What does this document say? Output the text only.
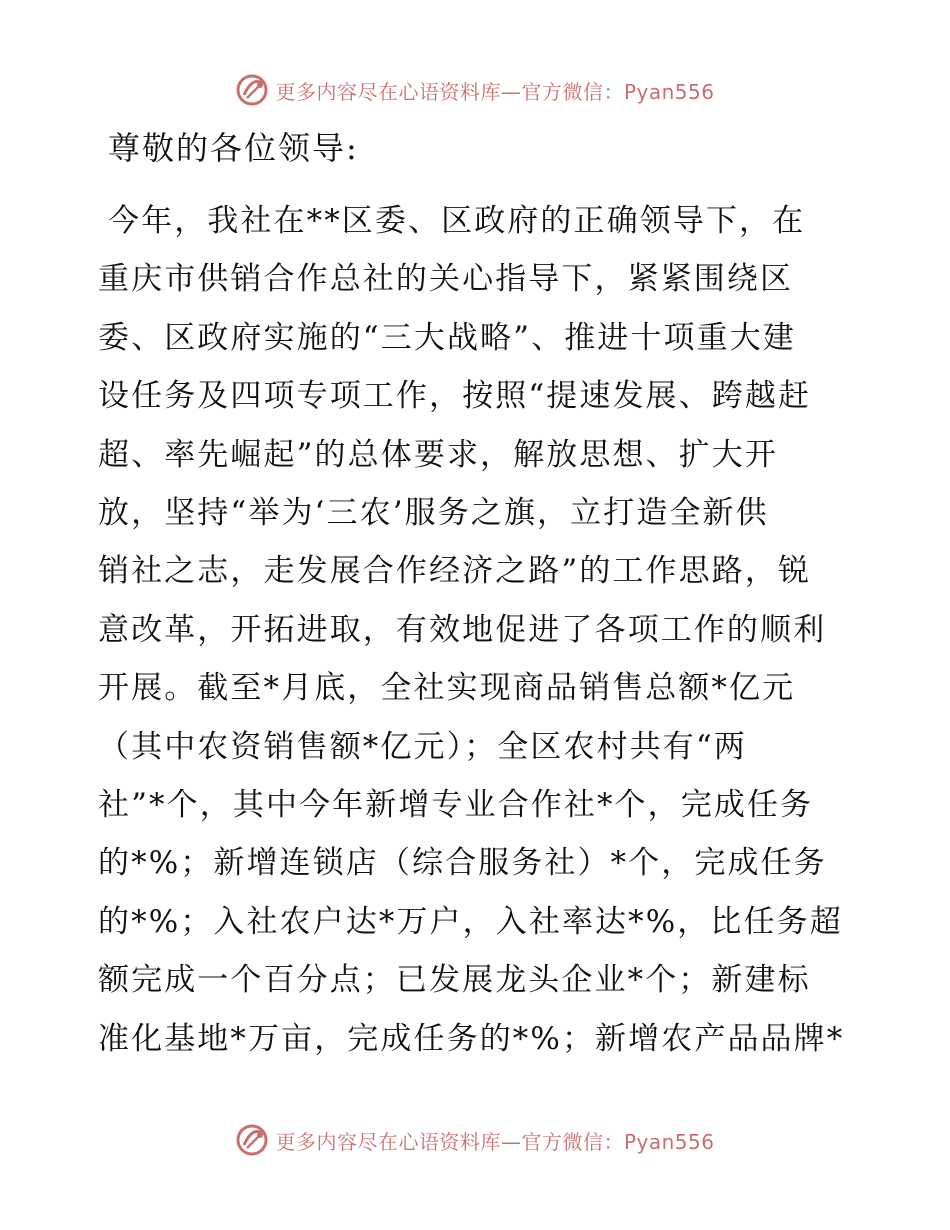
更多内容尽在心语资料库—官方微信：Pyan556
尊敬的各位领导:

今年，我社在**区委、区政府的正确领导下，在
重庆市供销合作总社的关心指导下，紧紧围绕区
委、区政府实施的“三大战略”、推进十项重大建
设任务及四项专项工作，按照“提速发展、跨越赶
超、率先崛起”的总体要求，解放思想、扩大开
放，坚持“举为‘三农’服务之旗，立打造全新供
销社之志，走发展合作经济之路”的工作思路，锐
意改革，开拓进取，有效地促进了各项工作的顺利
开展。截至*月底，全社实现商品销售总额*亿元
（其中农资销售额*亿元）；全区农村共有“两
社”*个，其中今年新增专业合作社*个，完成任务
的*%；新增连锁店（综合服务社）*个，完成任务
的*%；入社农户达*万户，入社率达*%，比任务超
额完成一个百分点；已发展龙头企业*个；新建标
准化基地*万亩，完成任务的*%；新增农产品品牌*

更多内容尽在心语资料库—官方微信：Pyan556
